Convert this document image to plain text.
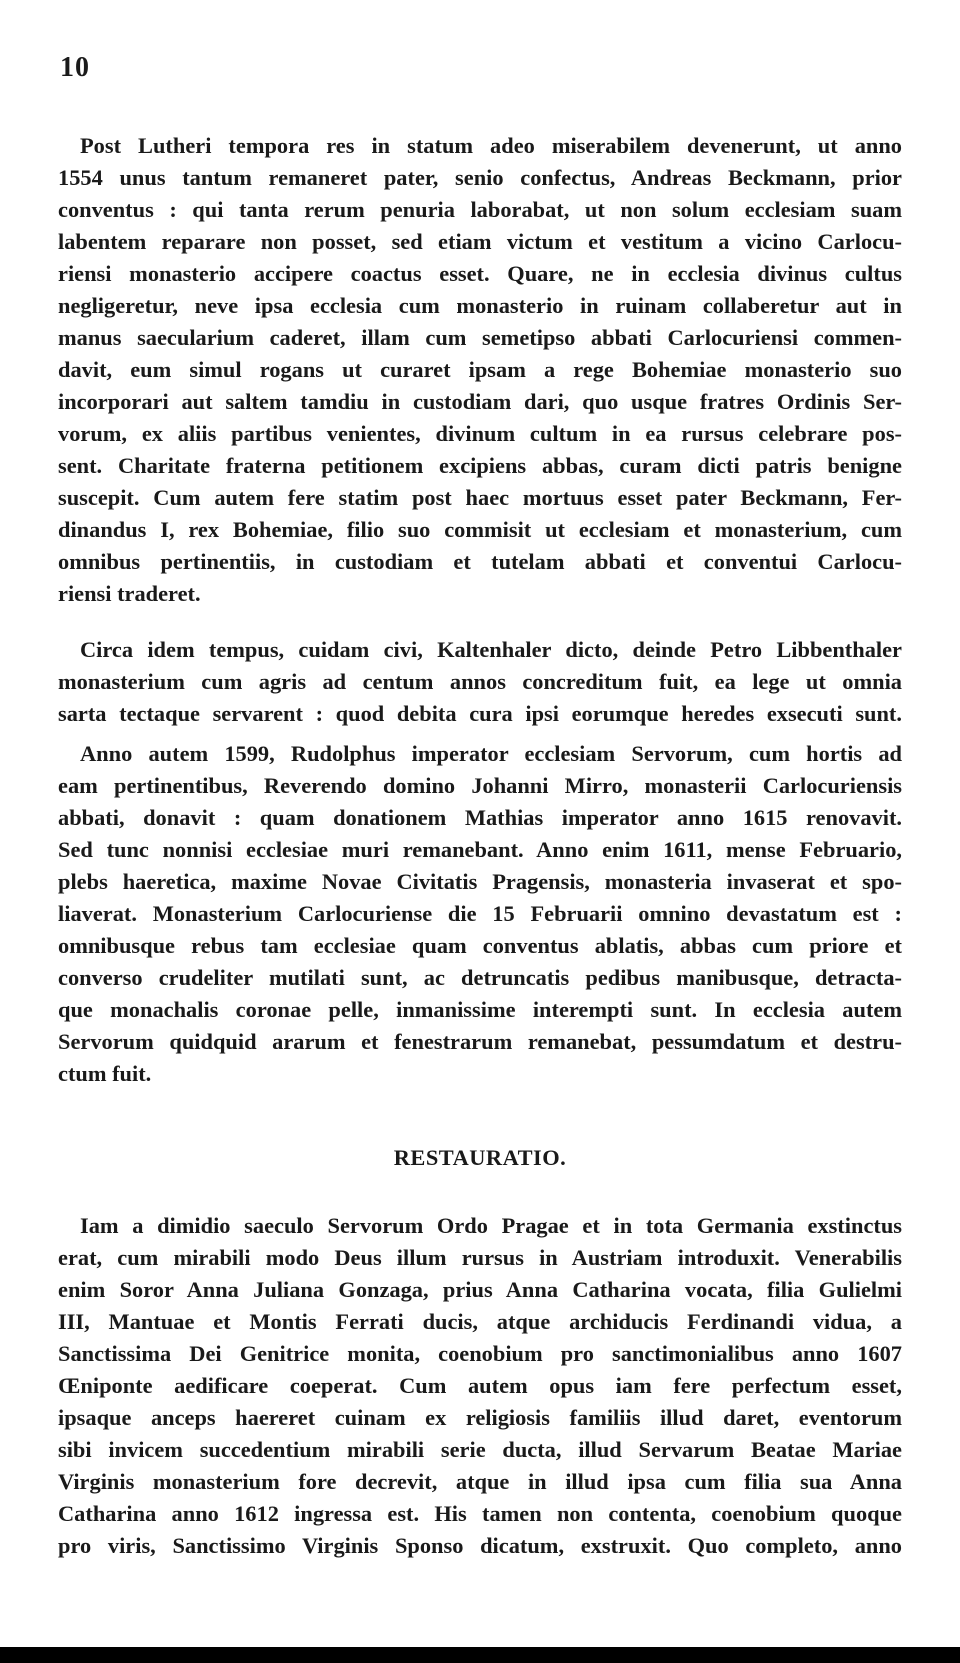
10
Post Lutheri tempora res in statum adeo miserabilem devenerunt, ut anno
1554 unus tantum remaneret pater, senio confectus, Andreas Beckmann, prior
conventus : qui tanta rerum penuria laborabat, ut non solum ecclesiam suam
labentem reparare non posset, sed etiam victum et vestitum a vicino Carlocu-
riensi monasterio accipere coactus esset. Quare, ne in ecclesia divinus cultus
negligeretur, neve ipsa ecclesia cum monasterio in ruinam collaberetur aut in
manus saecularium caderet, illam cum semetipso abbati Carlocuriensi commen-
davit, eum simul rogans ut curaret ipsam a rege Bohemiae monasterio suo
incorporari aut saltem tamdiu in custodiam dari, quo usque fratres Ordinis Ser-
vorum, ex aliis partibus venientes, divinum cultum in ea rursus celebrare pos-
sent. Charitate fraterna petitionem excipiens abbas, curam dicti patris benigne
suscepit. Cum autem fere statim post haec mortuus esset pater Beckmann, Fer-
dinandus I, rex Bohemiae, filio suo commisit ut ecclesiam et monasterium, cum
omnibus pertinentiis, in custodiam et tutelam abbati et conventui Carlocu-
riensi traderet.
Circa idem tempus, cuidam civi, Kaltenhaler dicto, deinde Petro Libbenthaler
monasterium cum agris ad centum annos concreditum fuit, ea lege ut omnia
sarta tectaque servarent : quod debita cura ipsi eorumque heredes exsecuti sunt.
Anno autem 1599, Rudolphus imperator ecclesiam Servorum, cum hortis ad
eam pertinentibus, Reverendo domino Johanni Mirro, monasterii Carlocuriensis
abbati, donavit : quam donationem Mathias imperator anno 1615 renovavit.
Sed tunc nonnisi ecclesiae muri remanebant. Anno enim 1611, mense Februario,
plebs haeretica, maxime Novae Civitatis Pragensis, monasteria invaserat et spo-
liaverat. Monasterium Carlocuriense die 15 Februarii omnino devastatum est :
omnibusque rebus tam ecclesiae quam conventus ablatis, abbas cum priore et
converso crudeliter mutilati sunt, ac detruncatis pedibus manibusque, detracta-
que monachalis coronae pelle, inmanissime interempti sunt. In ecclesia autem
Servorum quidquid ararum et fenestrarum remanebat, pessumdatum et destru-
ctum fuit.
RESTAURATIO.
Iam a dimidio saeculo Servorum Ordo Pragae et in tota Germania exstinctus
erat, cum mirabili modo Deus illum rursus in Austriam introduxit. Venerabilis
enim Soror Anna Juliana Gonzaga, prius Anna Catharina vocata, filia Gulielmi
III, Mantuae et Montis Ferrati ducis, atque archiducis Ferdinandi vidua, a
Sanctissima Dei Genitrice monita, coenobium pro sanctimonialibus anno 1607
Œniponte aedificare coeperat. Cum autem opus iam fere perfectum esset,
ipsaque anceps haereret cuinam ex religiosis familiis illud daret, eventorum
sibi invicem succedentium mirabili serie ducta, illud Servarum Beatae Mariae
Virginis monasterium fore decrevit, atque in illud ipsa cum filia sua Anna
Catharina anno 1612 ingressa est. His tamen non contenta, coenobium quoque
pro viris, Sanctissimo Virginis Sponso dicatum, exstruxit. Quo completo, anno
